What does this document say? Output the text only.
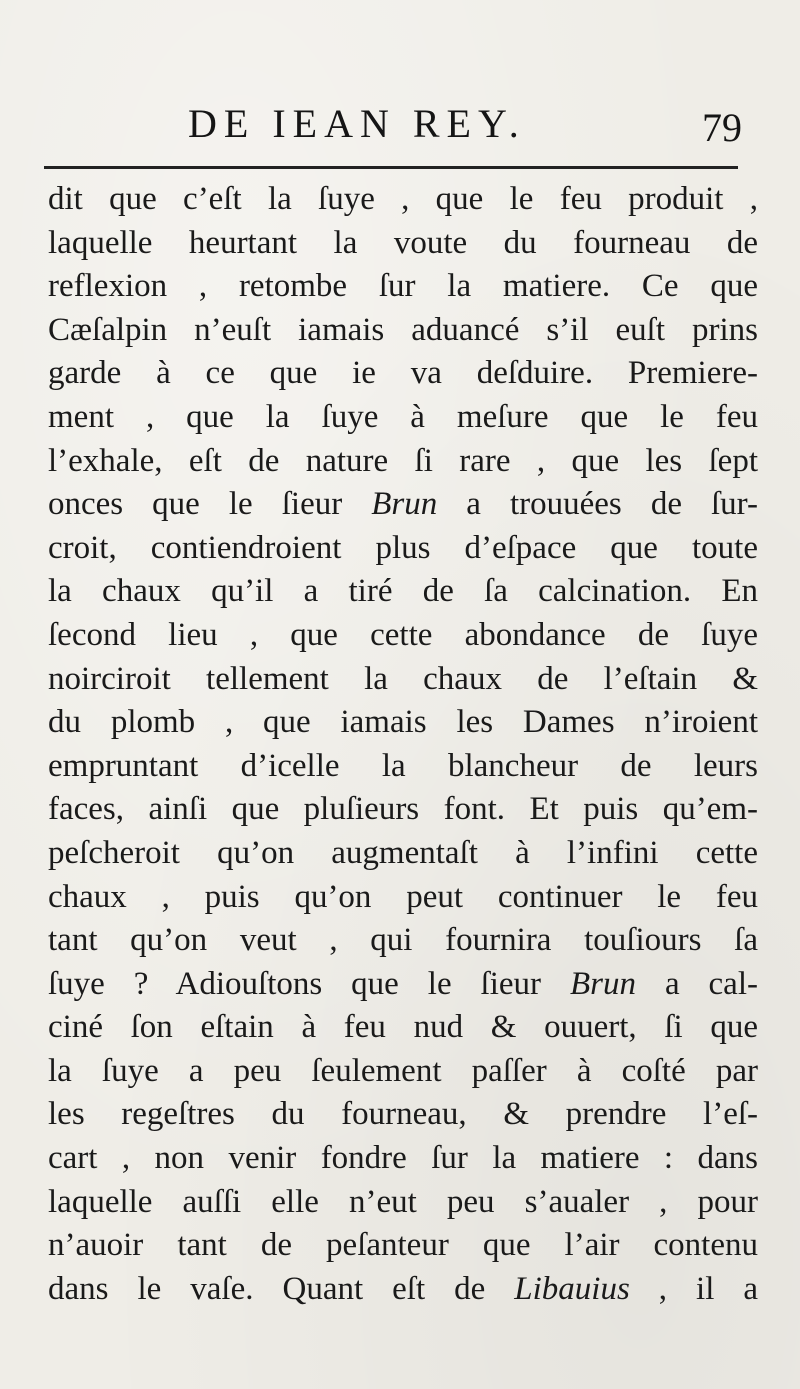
DE IEAN REY.	79
dit que c’eſt la ſuye , que le feu produit ,
laquelle heurtant la voute du fourneau de
reflexion , retombe ſur la matiere. Ce que
Cæſalpin n’euſt iamais aduancé s’il euſt prins
garde à ce que ie va deſduire. Premiere-
ment , que la ſuye à meſure que le feu
l’exhale, eſt de nature ſi rare , que les ſept
onces que le ſieur Brun a trouuées de ſur-
croit, contiendroient plus d’eſpace que toute
la chaux qu’il a tiré de ſa calcination. En
ſecond lieu , que cette abondance de ſuye
noirciroit tellement la chaux de l’eſtain &
du plomb , que iamais les Dames n’iroient
empruntant d’icelle la blancheur de leurs
faces, ainſi que pluſieurs font. Et puis qu’em-
peſcheroit qu’on augmentaſt à l’infini cette
chaux , puis qu’on peut continuer le feu
tant qu’on veut , qui fournira touſiours ſa
ſuye ? Adiouſtons que le ſieur Brun a cal-
ciné ſon eſtain à feu nud & ouuert, ſi que
la ſuye a peu ſeulement paſſer à coſté par
les regeſtres du fourneau, & prendre l’eſ-
cart , non venir fondre ſur la matiere : dans
laquelle auſſi elle n’eut peu s’aualer , pour
n’auoir tant de peſanteur que l’air contenu
dans le vaſe. Quant eſt de Libauius , il a
